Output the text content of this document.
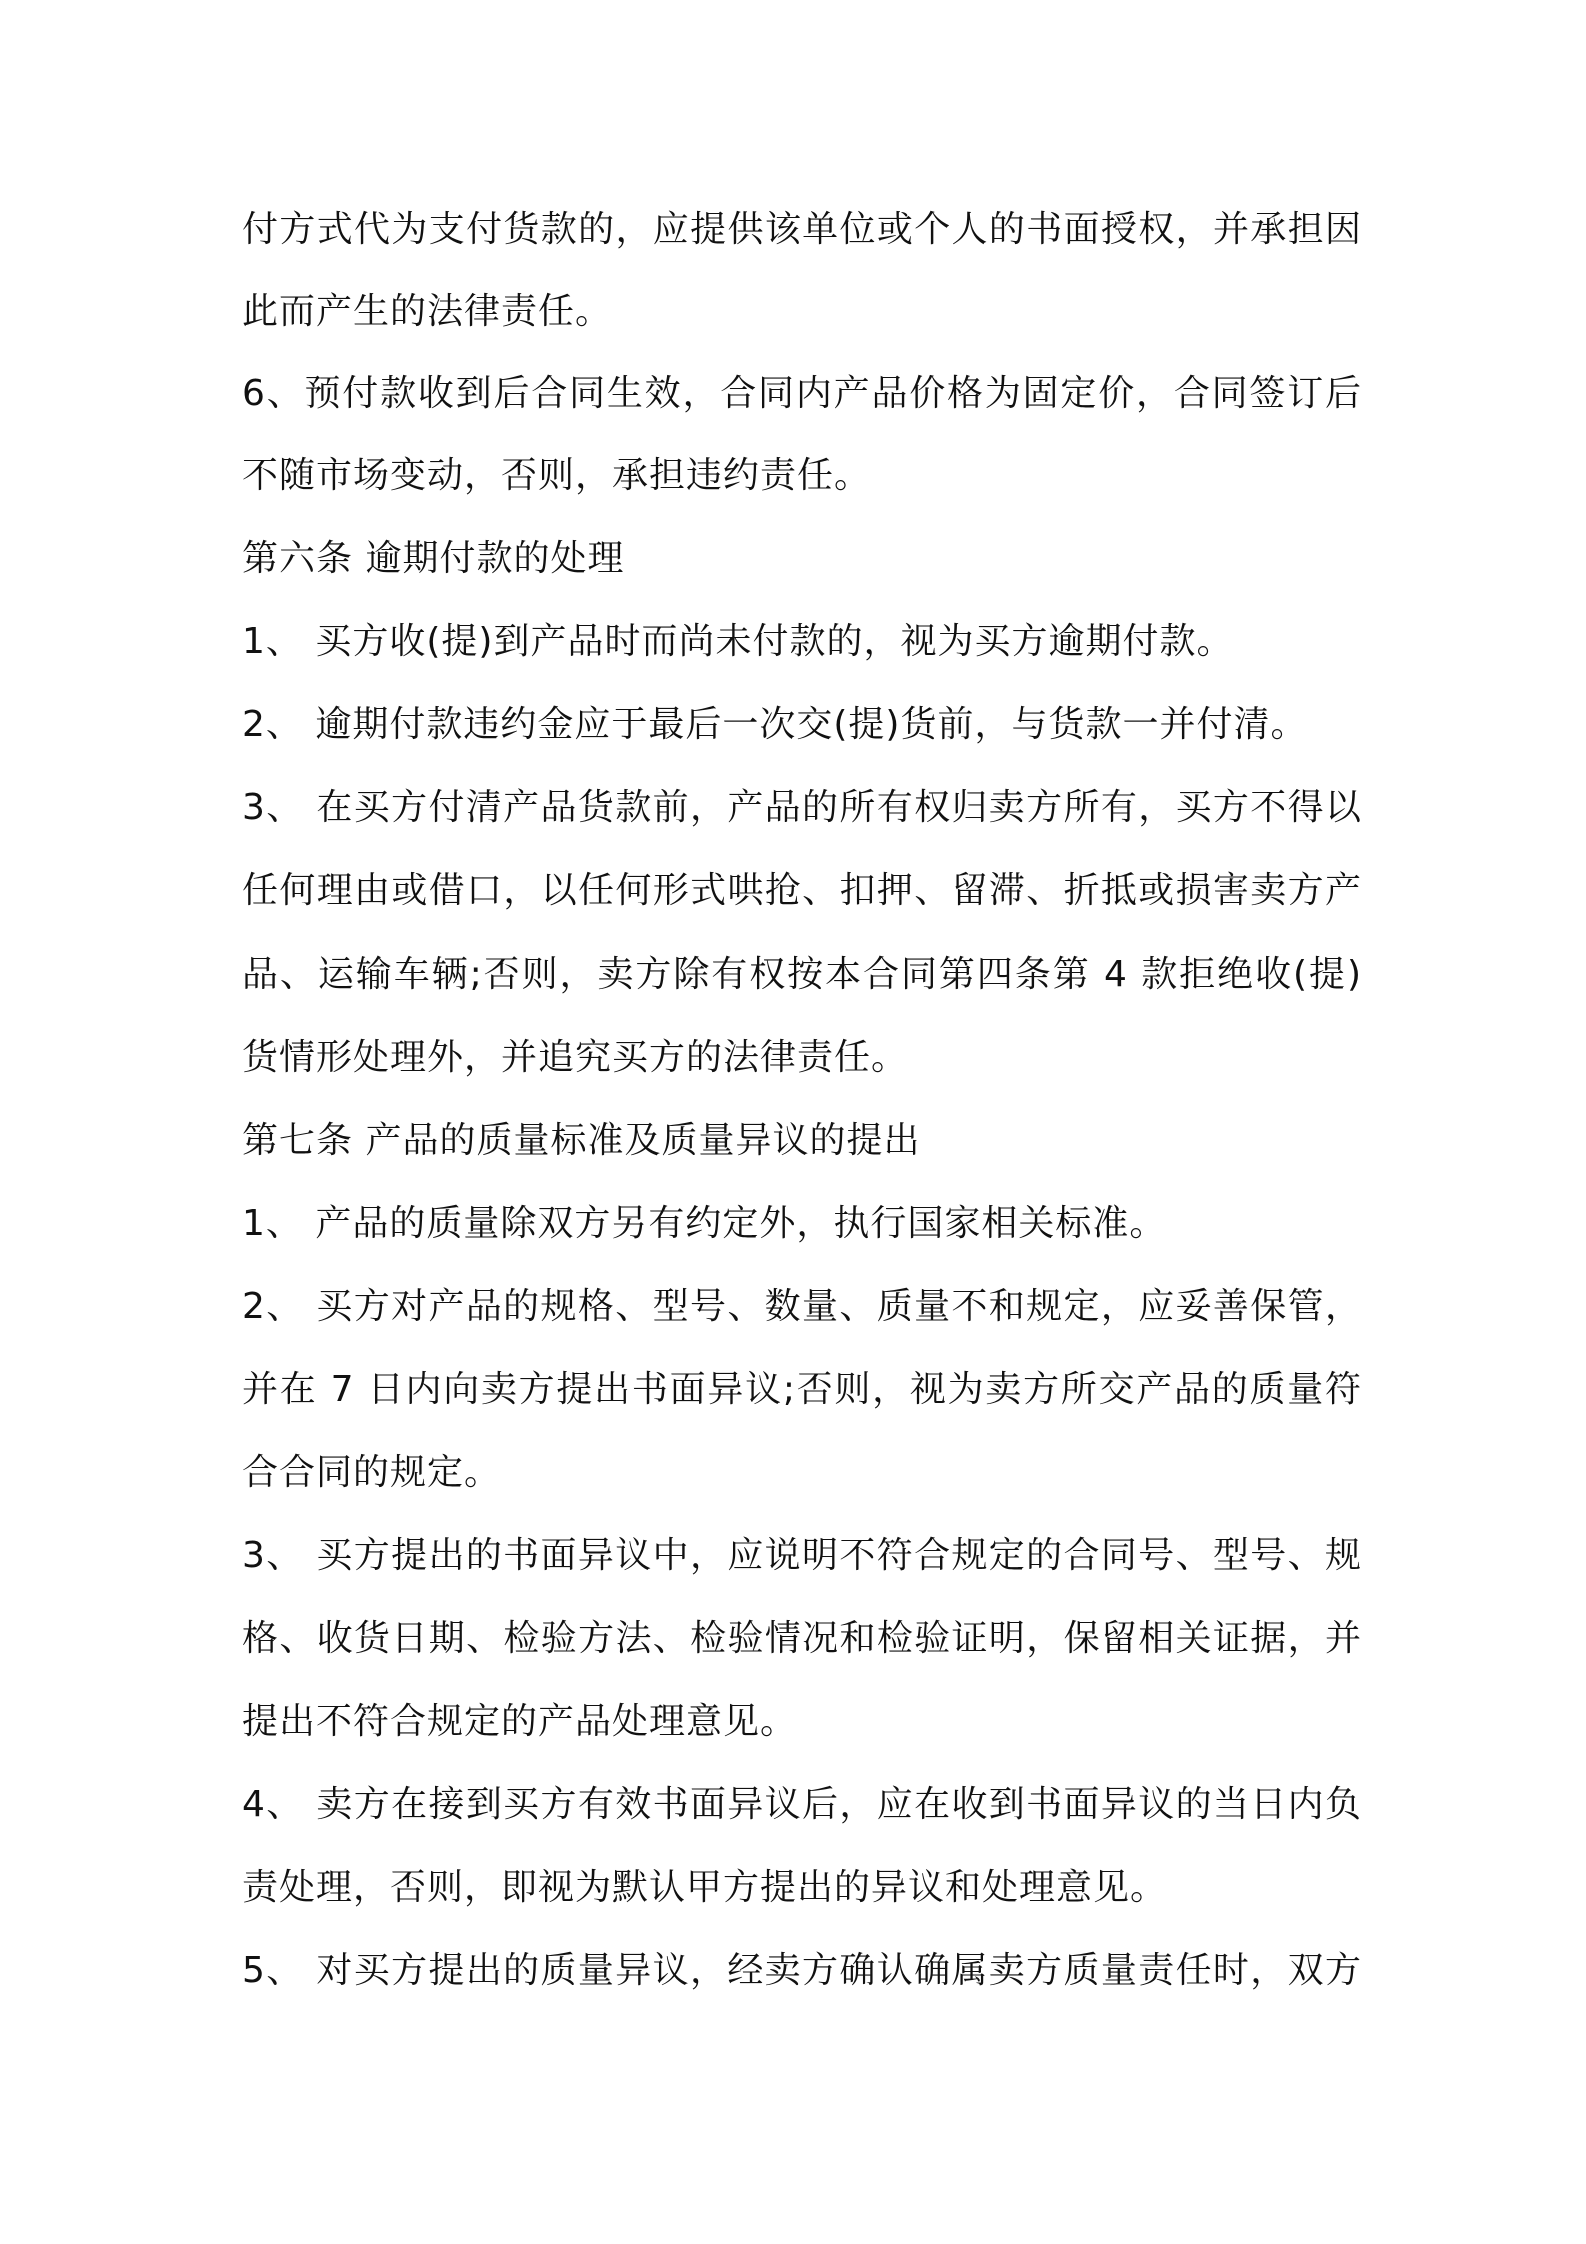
付方式代为支付货款的，应提供该单位或个人的书面授权，并承担因
此而产生的法律责任。
6、预付款收到后合同生效，合同内产品价格为固定价，合同签订后
不随市场变动，否则，承担违约责任。
第六条 逾期付款的处理
1、 买方收(提)到产品时而尚未付款的，视为买方逾期付款。
2、 逾期付款违约金应于最后一次交(提)货前，与货款一并付清。
3、 在买方付清产品货款前，产品的所有权归卖方所有，买方不得以
任何理由或借口，以任何形式哄抢、扣押、留滞、折抵或损害卖方产
品、运输车辆;否则，卖方除有权按本合同第四条第 4 款拒绝收(提)
货情形处理外，并追究买方的法律责任。
第七条 产品的质量标准及质量异议的提出
1、 产品的质量除双方另有约定外，执行国家相关标准。
2、 买方对产品的规格、型号、数量、质量不和规定，应妥善保管，
并在 7 日内向卖方提出书面异议;否则，视为卖方所交产品的质量符
合合同的规定。
3、 买方提出的书面异议中，应说明不符合规定的合同号、型号、规
格、收货日期、检验方法、检验情况和检验证明，保留相关证据，并
提出不符合规定的产品处理意见。
4、 卖方在接到买方有效书面异议后，应在收到书面异议的当日内负
责处理，否则，即视为默认甲方提出的异议和处理意见。
5、 对买方提出的质量异议，经卖方确认确属卖方质量责任时，双方
